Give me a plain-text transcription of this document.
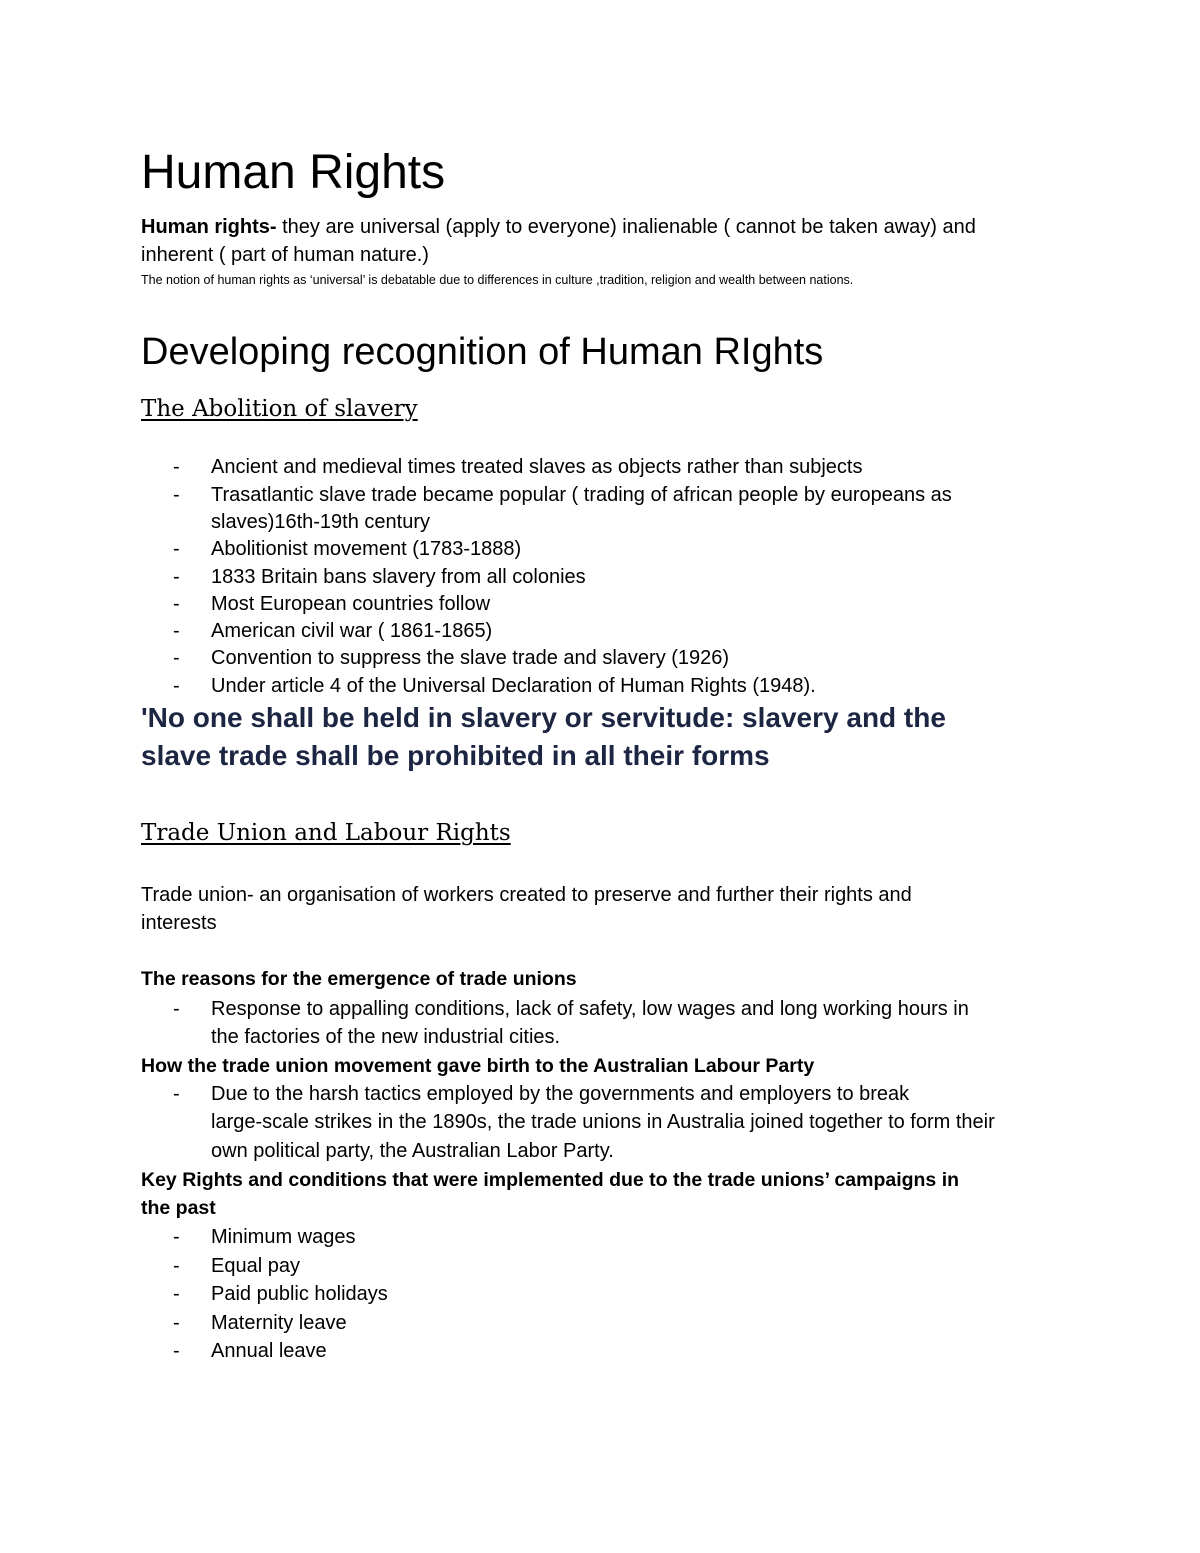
Human Rights
Human rights- they are universal (apply to everyone) inalienable ( cannot be taken away) and
inherent ( part of human nature.)
The notion of human rights as ‘universal’ is debatable due to differences in culture ,tradition, religion and wealth between nations.
Developing recognition of Human RIghts
The Abolition of slavery
- Ancient and medieval times treated slaves as objects rather than subjects
- Trasatlantic slave trade became popular ( trading of african people by europeans as
slaves)16th-19th century
- Abolitionist movement (1783-1888)
- 1833 Britain bans slavery from all colonies
- Most European countries follow
- American civil war ( 1861-1865)
- Convention to suppress the slave trade and slavery (1926)
- Under article 4 of the Universal Declaration of Human Rights (1948).
'No one shall be held in slavery or servitude: slavery and the
slave trade shall be prohibited in all their forms
Trade Union and Labour Rights
Trade union- an organisation of workers created to preserve and further their rights and
interests
The reasons for the emergence of trade unions
- Response to appalling conditions, lack of safety, low wages and long working hours in
the factories of the new industrial cities.
How the trade union movement gave birth to the Australian Labour Party
- Due to the harsh tactics employed by the governments and employers to break
large-scale strikes in the 1890s, the trade unions in Australia joined together to form their
own political party, the Australian Labor Party.
Key Rights and conditions that were implemented due to the trade unions’ campaigns in
the past
- Minimum wages
- Equal pay
- Paid public holidays
- Maternity leave
- Annual leave
